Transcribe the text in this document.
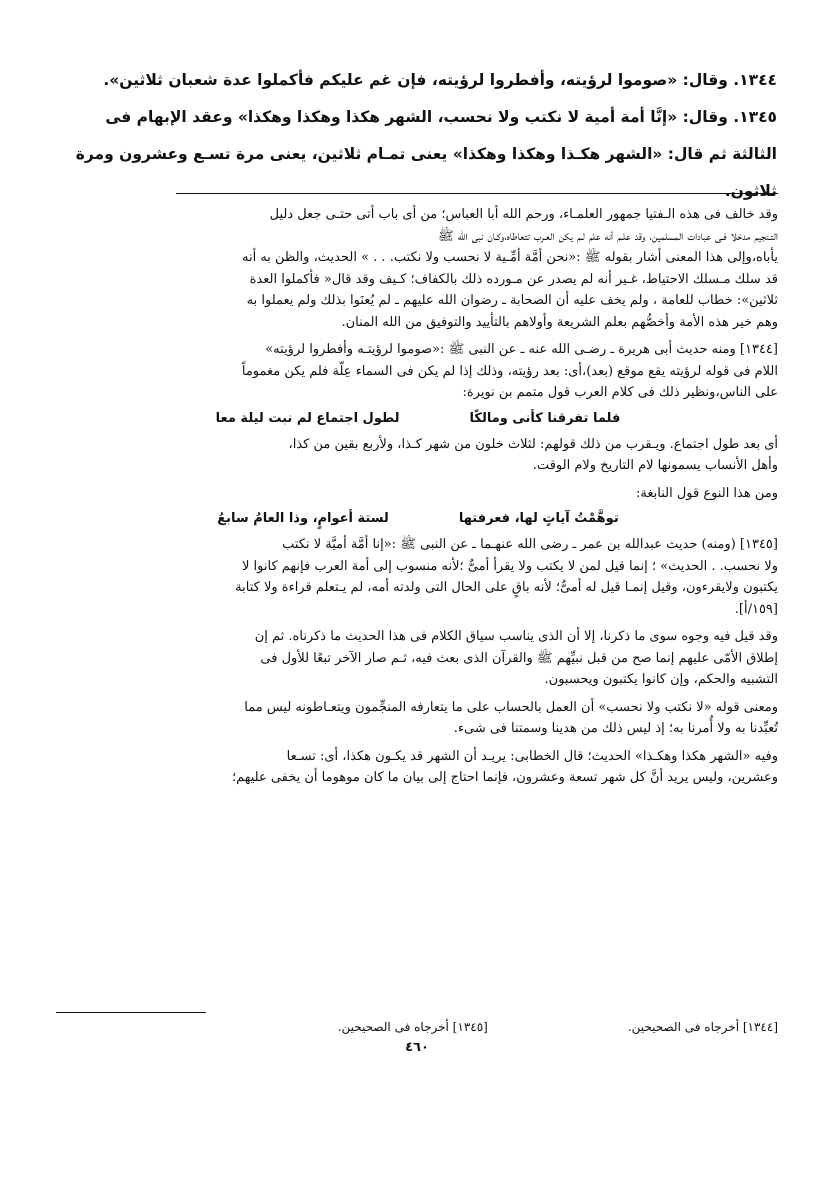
١٣٤٤. وقال: «صوموا لرؤيته، وأفطروا لرؤيته، فإن غم عليكم فأكملوا عدة شعبان ثلاثين».

١٣٤٥. وقال: «إنَّا أمة أمية لا نكتب ولا نحسب، الشهر هكذا وهكذا وهكذا» وعقد الإبهام فى

الثالثة ثم قال: «الشهر هكـذا وهكذا وهكذا» يعنى تمـام ثلاثين، يعنى مرة تسـع وعشرون ومرة

ثلاثون.

وقد خالف فى هذه الـفتيا جمهور العلمـاء، ورحم الله أبا العباس؛ من أى باب أتى حتـى جعل دليل

التـنجيم مدخلا فـى عبادات المسلمين، وقد علـم أنه علم لـم يكن العـرب تتعاطاه،وكـان نبى الله ﷺ

يأباه،وإلى هذا المعنى أشار بقوله ﷺ :«نحن أمَّة أمِّـية لا نحسب ولا نكتب. . . » الحديث، والظن به أنه

قد سلك مـسلك الاحتياط، غـير أنه لم يصدر عن مـورده ذلك بالكفاف؛ كـيف وقد قال« فأكملوا العدة

ثلاثين»: خطاب للعامة ، ولم يخف عليه أن الصحابة ـ رضوان الله عليهم ـ لم يُعنَوا بذلك ولم يعملوا به

وهم خير هذه الأمة وأخصُّهم بعلم الشريعة وأولاهم بالتأييد والتوفيق من الله المنان.

[١٣٤٤] ومنه حديث أبى هريرة ـ رضـى الله عنه ـ عن النبى ﷺ :«صوموا لرؤيتـه وأفطروا لرؤيته»

اللام فى قوله لرؤيته يقع موقع (بعد)،أى: بعد رؤيته، وذلك إذا لم يكن فى السماء عِلّة فلم يكن مغموماً

على الناس،ونظير ذلك فى كلام العرب قول متمم بن نويرة:

فلما تفرقنا كأنى ومالكًا
لطول اجتماع لم نبت ليلة معا

أى بعد طول اجتماع. ويـقرب من ذلك قولهم: لثلاث خلون من شهر كـذا، ولأربع بقين من كذا،

وأهل الأنساب يسمونها لام التاريخ ولام الوقت.

ومن هذا النوع قول النابغة:

توهَّمْتُ آياتٍ لها، فعرفتها
لستة أعوامٍ، وذا العامُ سابعُ

[١٣٤٥] (ومنه) حديث عبدالله بن عمر ـ رضى الله عنهـما ـ عن النبى ﷺ :«إنا أمَّة أميَّة لا نكتب

ولا نحسب. . الحديث» ؛ إنما قيل لمن لا يكتب ولا يقرأ أمىٌّ ؛لأنه منسوب إلى أمة العرب فإنهم كانوا لا

يكتبون ولايقرءون، وقيل إنمـا قيل له أمىٌّ؛ لأنه باقٍ على الحال التى ولدته أمه، لم يـتعلم قراءة ولا كتابة

[١٥٩/أ].

وقد قيل فيه وجوه سوى ما ذكرنا، إلا أن الذى يناسب سياق الكلام فى هذا الحديث ما ذكرناه. ثم إن

إطلاق الأمّى عليهم إنما صح من قبل نبيِّهم ﷺ والقرآن الذى بعث فيه، ثـم صار الآخر تبعًا للأول فى

التشبيه والحكم، وإن كانوا يكتبون ويحسبون.

ومعنى قوله «لا نكتب ولا نحسب» أن العمل بالحساب على ما يتعارفه المنجِّمون ويتعـاطونه ليس مما

تُعبِّدنا به ولا أُمرنا به؛ إذ ليس ذلك من هدينا وسمتنا فى شىء.

وفيه «الشهر هكذا وهكـذا» الحديث؛ قال الخطابى: يريـد أن الشهر قد يكـون هكذا، أى: تسـعا

وعشرين، وليس يريد أنَّ كل شهر تسعة وعشرون، فإنما احتاج إلى بيان ما كان موهوما أن يخفى عليهم؛

[١٣٤٤] أخرجاه فى الصحيحين.
[١٣٤٥] أخرجاه فى الصحيحين.
٤٦٠
